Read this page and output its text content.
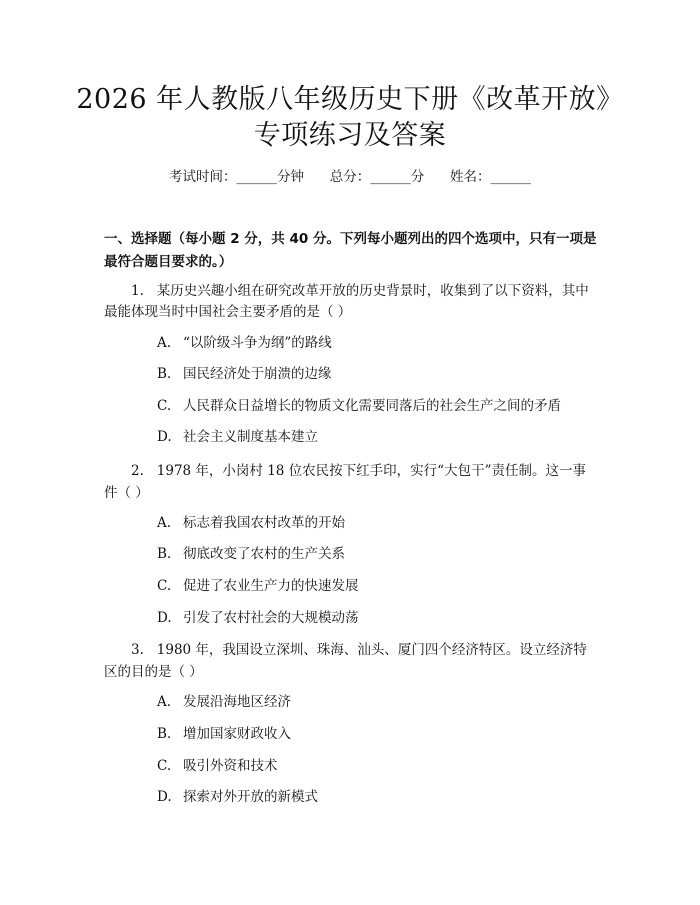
2026 年人教版八年级历史下册《改革开放》
专项练习及答案
考试时间：______分钟      总分：______分      姓名：______
一、选择题（每小题 2 分，共 40 分。下列每小题列出的四个选项中，只有一项是
最符合题目要求的。）
1. 某历史兴趣小组在研究改革开放的历史背景时，收集到了以下资料，其中
最能体现当时中国社会主要矛盾的是（ ）
A. “以阶级斗争为纲”的路线
B. 国民经济处于崩溃的边缘
C. 人民群众日益增长的物质文化需要同落后的社会生产之间的矛盾
D. 社会主义制度基本建立
2. 1978 年，小岗村 18 位农民按下红手印，实行“大包干”责任制。这一事
件（ ）
A. 标志着我国农村改革的开始
B. 彻底改变了农村的生产关系
C. 促进了农业生产力的快速发展
D. 引发了农村社会的大规模动荡
3. 1980 年，我国设立深圳、珠海、汕头、厦门四个经济特区。设立经济特
区的目的是（ ）
A. 发展沿海地区经济
B. 增加国家财政收入
C. 吸引外资和技术
D. 探索对外开放的新模式
